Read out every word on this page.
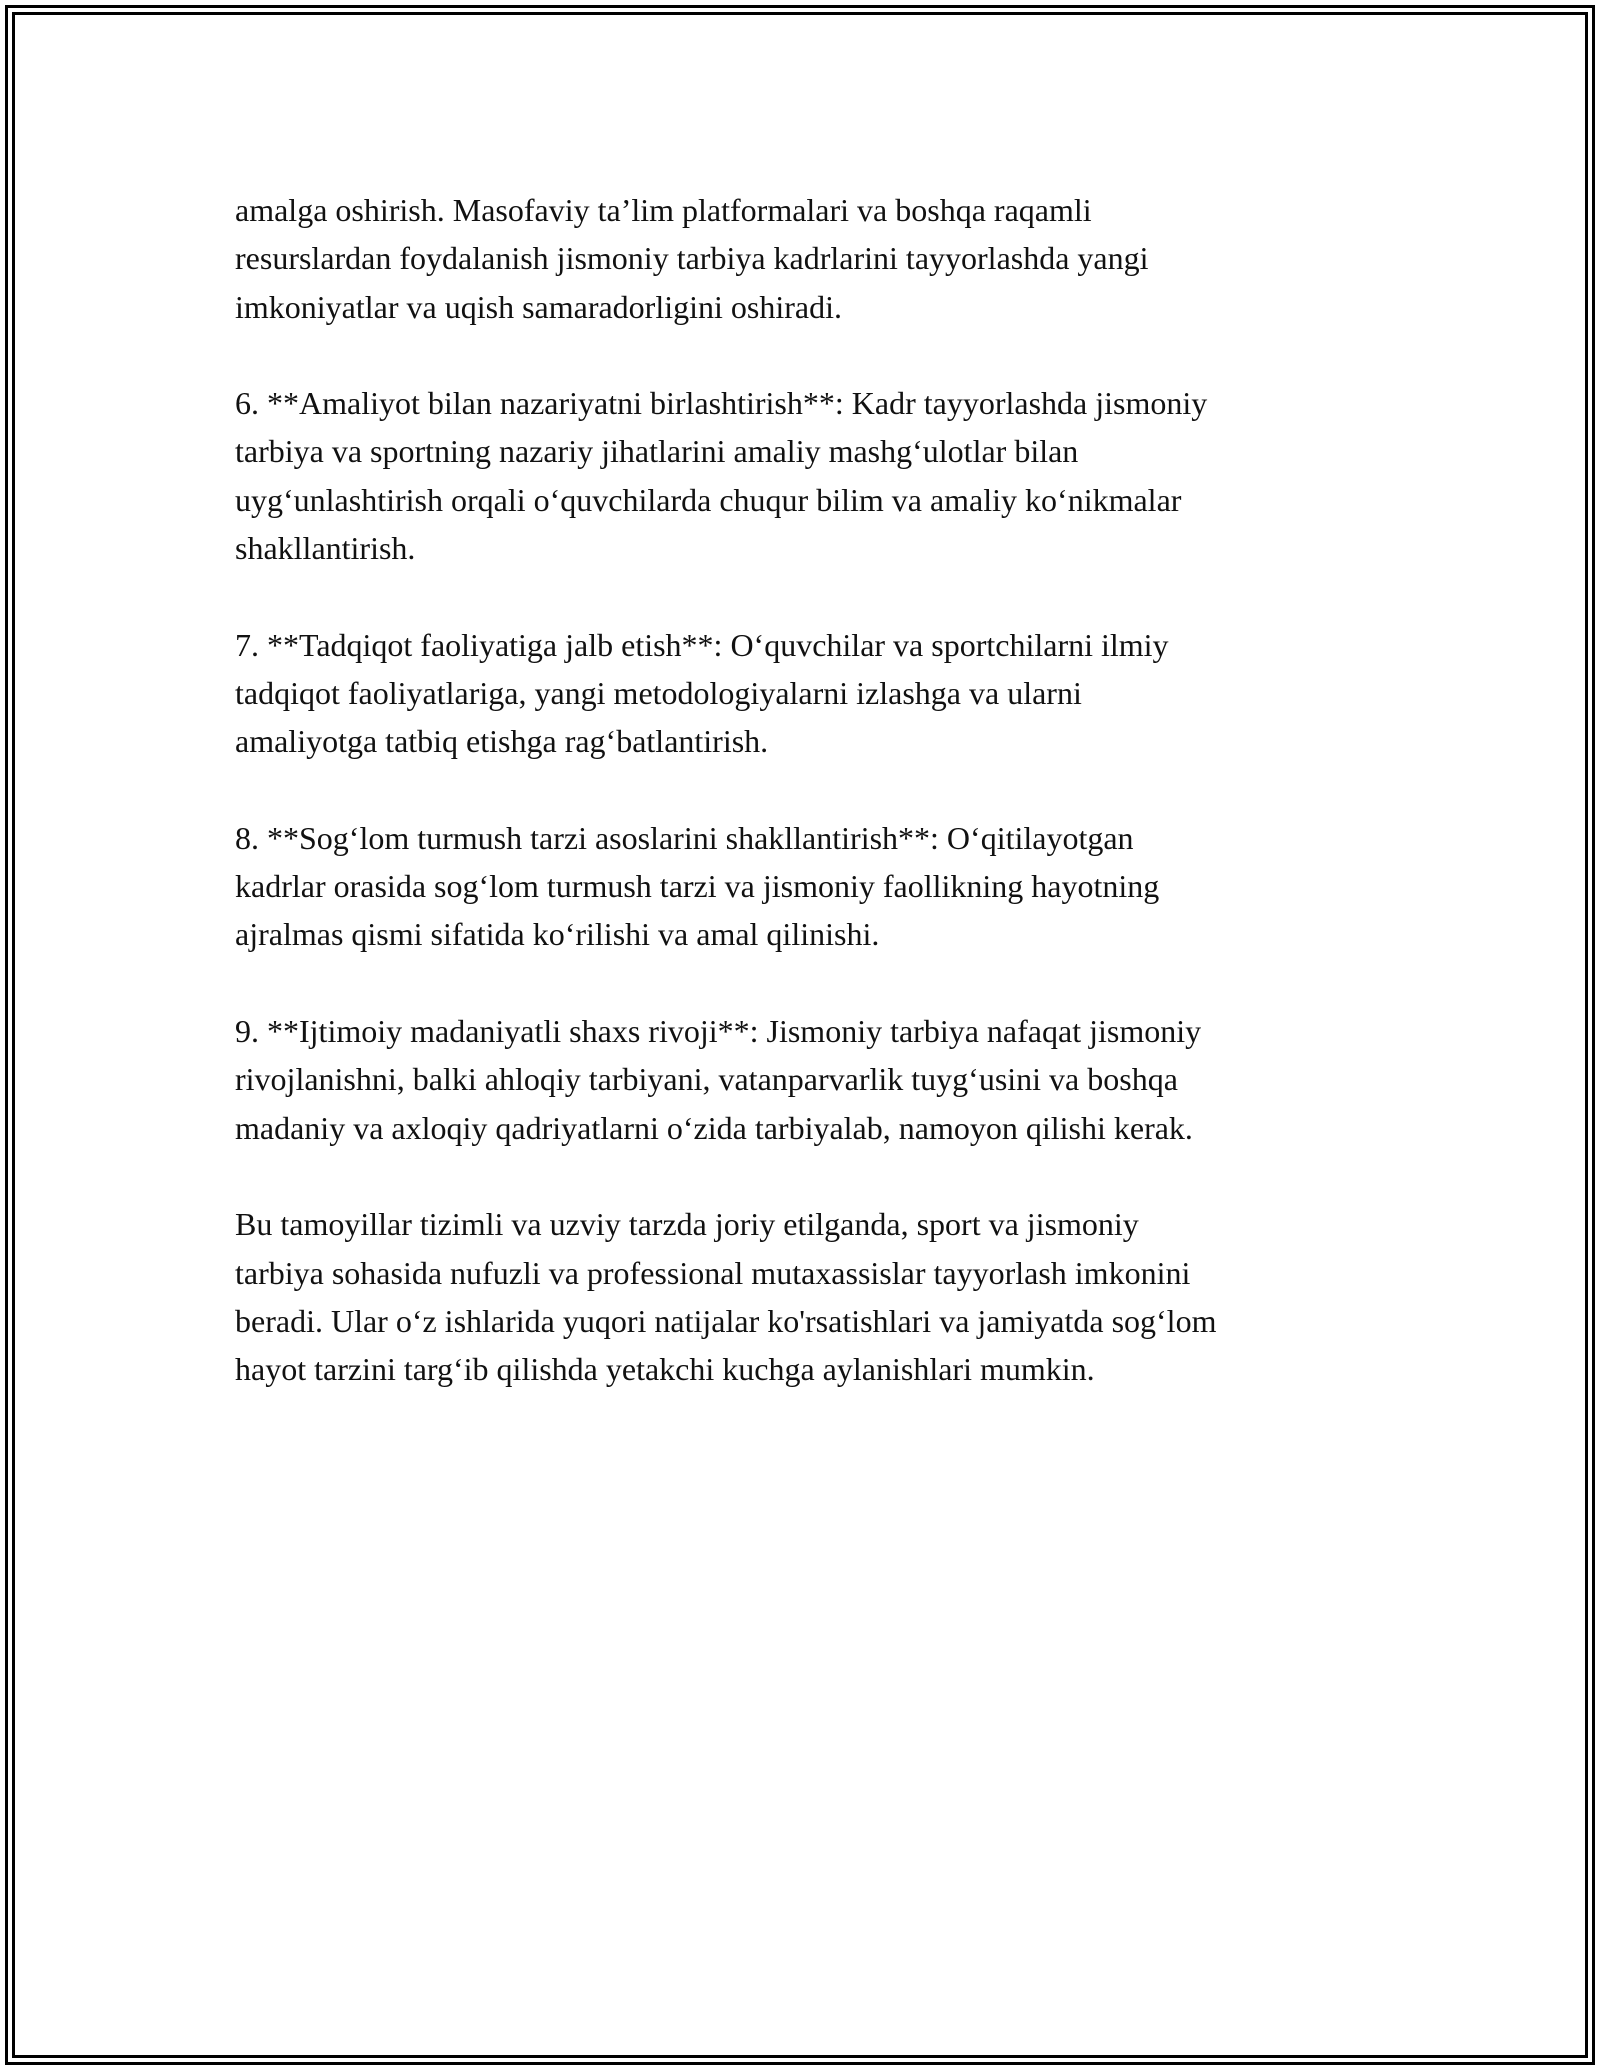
amalga oshirish. Masofaviy ta’lim platformalari va boshqa raqamli
resurslardan foydalanish jismoniy tarbiya kadrlarini tayyorlashda yangi
imkoniyatlar va uqish samaradorligini oshiradi.

6. **Amaliyot bilan nazariyatni birlashtirish**: Kadr tayyorlashda jismoniy
tarbiya va sportning nazariy jihatlarini amaliy mashg‘ulotlar bilan
uyg‘unlashtirish orqali o‘quvchilarda chuqur bilim va amaliy ko‘nikmalar
shakllantirish.

7. **Tadqiqot faoliyatiga jalb etish**: O‘quvchilar va sportchilarni ilmiy
tadqiqot faoliyatlariga, yangi metodologiyalarni izlashga va ularni
amaliyotga tatbiq etishga rag‘batlantirish.

8. **Sog‘lom turmush tarzi asoslarini shakllantirish**: O‘qitilayotgan
kadrlar orasida sog‘lom turmush tarzi va jismoniy faollikning hayotning
ajralmas qismi sifatida ko‘rilishi va amal qilinishi.

9. **Ijtimoiy madaniyatli shaxs rivoji**: Jismoniy tarbiya nafaqat jismoniy
rivojlanishni, balki ahloqiy tarbiyani, vatanparvarlik tuyg‘usini va boshqa
madaniy va axloqiy qadriyatlarni o‘zida tarbiyalab, namoyon qilishi kerak.

Bu tamoyillar tizimli va uzviy tarzda joriy etilganda, sport va jismoniy
tarbiya sohasida nufuzli va professional mutaxassislar tayyorlash imkonini
beradi. Ular o‘z ishlarida yuqori natijalar ko'rsatishlari va jamiyatda sog‘lom
hayot tarzini targ‘ib qilishda yetakchi kuchga aylanishlari mumkin.
